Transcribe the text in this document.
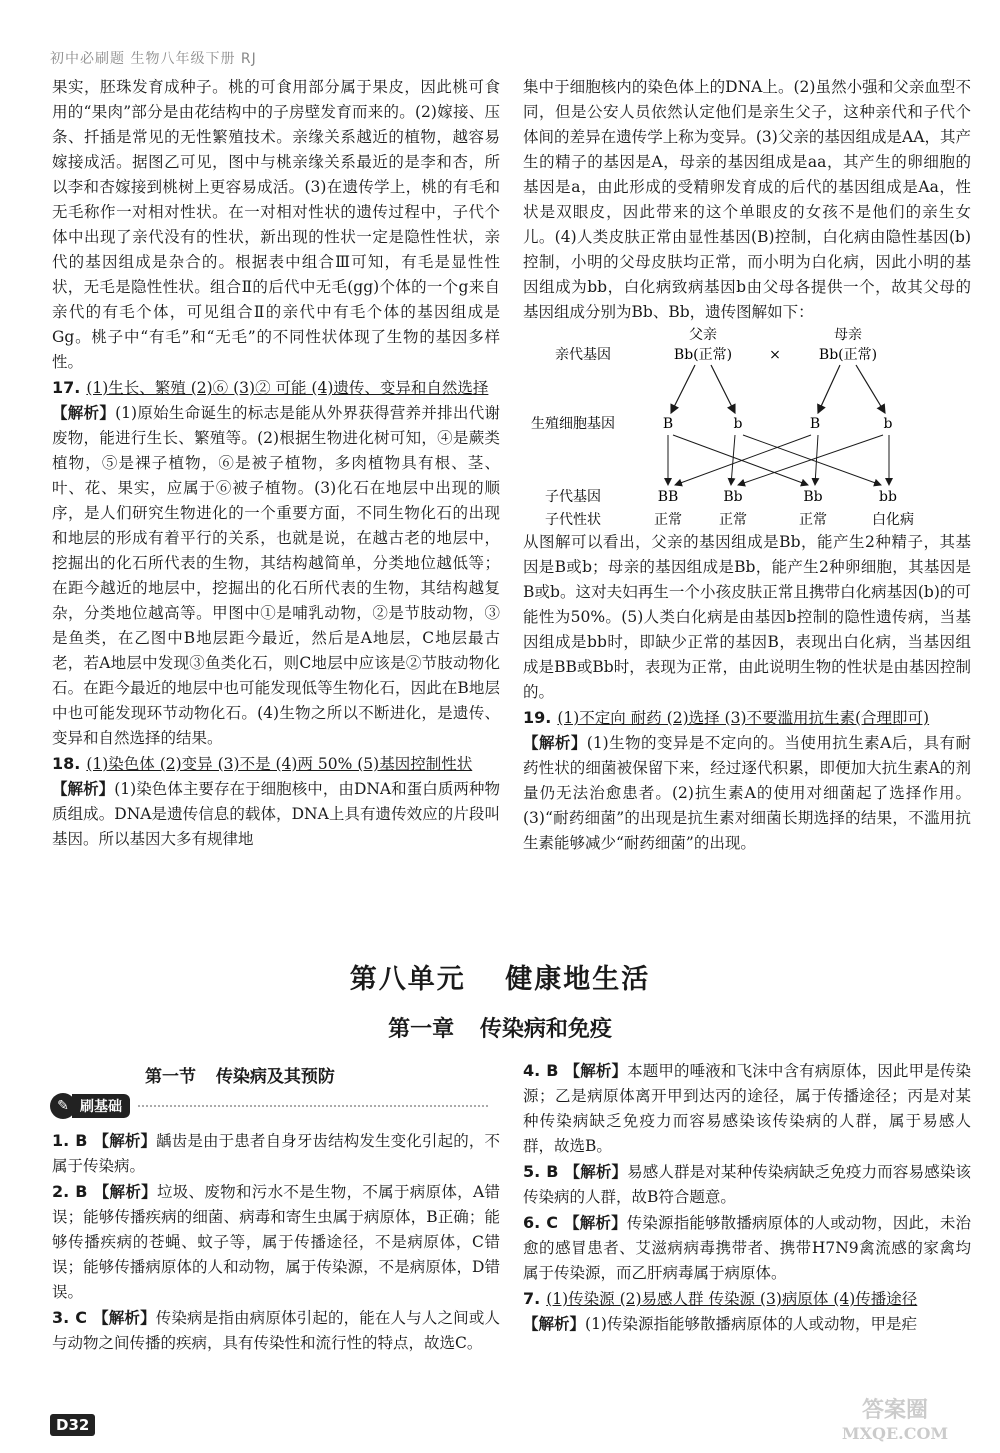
初中必刷题 生物八年级下册 RJ

果实，胚珠发育成种子。桃的可食用部分属于果皮，因此桃可食用的“果肉”部分是由花结构中的子房壁发育而来的。(2)嫁接、压条、扦插是常见的无性繁殖技术。亲缘关系越近的植物，越容易嫁接成活。据图乙可见，图中与桃亲缘关系最近的是李和杏，所以李和杏嫁接到桃树上更容易成活。(3)在遗传学上，桃的有毛和无毛称作一对相对性状。在一对相对性状的遗传过程中，子代个体中出现了亲代没有的性状，新出现的性状一定是隐性性状，亲代的基因组成是杂合的。根据表中组合Ⅲ可知，有毛是显性性状，无毛是隐性性状。组合Ⅱ的后代中无毛(gg)个体的一个g来自亲代的有毛个体，可见组合Ⅱ的亲代中有毛个体的基因组成是Gg。桃子中“有毛”和“无毛”的不同性状体现了生物的基因多样性。

17. (1)生长、繁殖 (2)⑥ (3)② 可能 (4)遗传、变异和自然选择

【解析】(1)原始生命诞生的标志是能从外界获得营养并排出代谢废物，能进行生长、繁殖等。(2)根据生物进化树可知，④是蕨类植物，⑤是裸子植物，⑥是被子植物，多肉植物具有根、茎、叶、花、果实，应属于⑥被子植物。(3)化石在地层中出现的顺序，是人们研究生物进化的一个重要方面，不同生物化石的出现和地层的形成有着平行的关系，也就是说，在越古老的地层中，挖掘出的化石所代表的生物，其结构越简单，分类地位越低等；在距今越近的地层中，挖掘出的化石所代表的生物，其结构越复杂，分类地位越高等。甲图中①是哺乳动物，②是节肢动物，③是鱼类，在乙图中B地层距今最近，然后是A地层，C地层最古老，若A地层中发现③鱼类化石，则C地层中应该是②节肢动物化石。在距今最近的地层中也可能发现低等生物化石，因此在B地层中也可能发现环节动物化石。(4)生物之所以不断进化，是遗传、变异和自然选择的结果。

18. (1)染色体 (2)变异 (3)不是 (4)两 50% (5)基因控制性状

【解析】(1)染色体主要存在于细胞核中，由DNA和蛋白质两种物质组成。DNA是遗传信息的载体，DNA上具有遗传效应的片段叫基因。所以基因大多有规律地

集中于细胞核内的染色体上的DNA上。(2)虽然小强和父亲血型不同，但是公安人员依然认定他们是亲生父子，这种亲代和子代个体间的差异在遗传学上称为变异。(3)父亲的基因组成是AA，其产生的精子的基因是A，母亲的基因组成是aa，其产生的卵细胞的基因是a，由此形成的受精卵发育成的后代的基因组成是Aa，性状是双眼皮，因此带来的这个单眼皮的女孩不是他们的亲生女儿。(4)人类皮肤正常由显性基因(B)控制，白化病由隐性基因(b)控制，小明的父母皮肤均正常，而小明为白化病，因此小明的基因组成为bb，白化病致病基因b由父母各提供一个，故其父母的基因组成分别为Bb、Bb，遗传图解如下：

父亲	母亲
亲代基因	Bb(正常)	×	Bb(正常)
生殖细胞基因	B	b	B	b
子代基因	BB	Bb	Bb	bb
子代性状	正常	正常	正常	白化病

从图解可以看出，父亲的基因组成是Bb，能产生2种精子，其基因是B或b；母亲的基因组成是Bb，能产生2种卵细胞，其基因是B或b。这对夫妇再生一个小孩皮肤正常且携带白化病基因(b)的可能性为50%。(5)人类白化病是由基因b控制的隐性遗传病，当基因组成是bb时，即缺少正常的基因B，表现出白化病，当基因组成是BB或Bb时，表现为正常，由此说明生物的性状是由基因控制的。

19. (1)不定向 耐药 (2)选择 (3)不要滥用抗生素(合理即可)

【解析】(1)生物的变异是不定向的。当使用抗生素A后，具有耐药性状的细菌被保留下来，经过逐代积累，即便加大抗生素A的剂量仍无法治愈患者。(2)抗生素A的使用对细菌起了选择作用。(3)“耐药细菌”的出现是抗生素对细菌长期选择的结果，不滥用抗生素能够减少“耐药细菌”的出现。

第八单元 健康地生活
第一章 传染病和免疫
第一节 传染病及其预防
✎ 刷基础

1. B 【解析】龋齿是由于患者自身牙齿结构发生变化引起的，不属于传染病。

2. B 【解析】垃圾、废物和污水不是生物，不属于病原体，A错误；能够传播疾病的细菌、病毒和寄生虫属于病原体，B正确；能够传播疾病的苍蝇、蚊子等，属于传播途径，不是病原体，C错误；能够传播病原体的人和动物，属于传染源，不是病原体，D错误。

3. C 【解析】传染病是指由病原体引起的，能在人与人之间或人与动物之间传播的疾病，具有传染性和流行性的特点，故选C。

4. B 【解析】本题甲的唾液和飞沫中含有病原体，因此甲是传染源；乙是病原体离开甲到达丙的途径，属于传播途径；丙是对某种传染病缺乏免疫力而容易感染该传染病的人群，属于易感人群，故选B。

5. B 【解析】易感人群是对某种传染病缺乏免疫力而容易感染该传染病的人群，故B符合题意。

6. C 【解析】传染源指能够散播病原体的人或动物，因此，未治愈的感冒患者、艾滋病病毒携带者、携带H7N9禽流感的家禽均属于传染源，而乙肝病毒属于病原体。

7. (1)传染源 (2)易感人群 传染源 (3)病原体 (4)传播途径

【解析】(1)传染源指能够散播病原体的人或动物，甲是疟

D32
答案圈
MXQE.COM
